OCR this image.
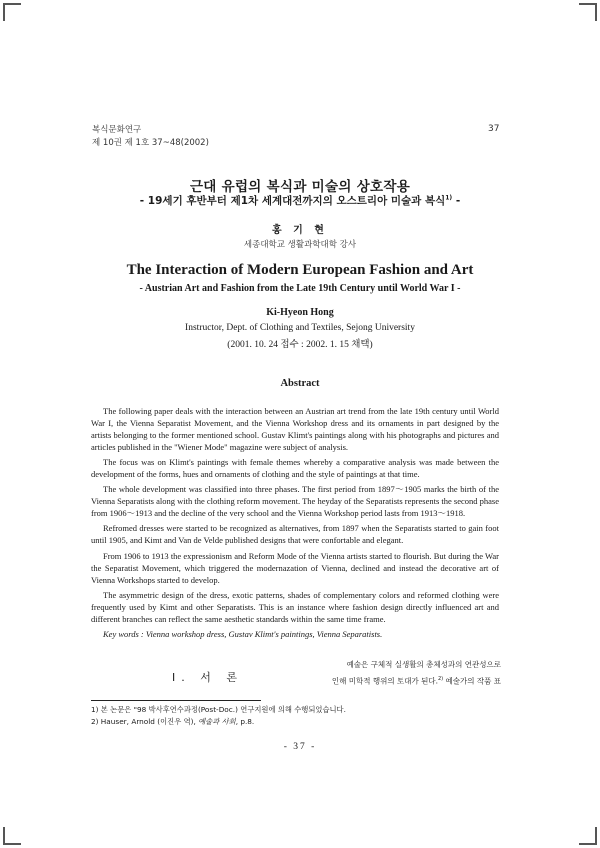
복식문화연구
제 10권 제 1호 37~48(2002)
37
근대 유럽의 복식과 미술의 상호작용
- 19세기 후반부터 제1차 세계대전까지의 오스트리아 미술과 복식$^{1)}$ -
홍 기 현
세종대학교 생활과학대학 강사
The Interaction of Modern European Fashion and Art
- Austrian Art and Fashion from the Late 19th Century until World War I -
Ki-Hyeon Hong
Instructor, Dept. of Clothing and Textiles, Sejong University
(2001. 10. 24 접수 : 2002. 1. 15 채택)
Abstract

The following paper deals with the interaction between an Austrian art trend from the late 19th century until World War I, the Vienna Separatist Movement, and the Vienna Workshop dress and its ornaments in part designed by the artists belonging to the former mentioned school. Gustav Klimt's paintings along with his photographs and pictures and articles published in the "Wiener Mode" magazine were subject of analysis.

The focus was on Klimt's paintings with female themes whereby a comparative analysis was made between the development of the forms, hues and ornaments of clothing and the style of paintings at that time.

The whole development was classified into three phases. The first period from 1897～1905 marks the birth of the Vienna Separatists along with the clothing reform movement. The heyday of the Separatists represents the second phase from 1906～1913 and the decline of the very school and the Vienna Workshop period lasts from 1913～1918.

Refromed dresses were started to be recognized as alternatives, from 1897 when the Separatists started to gain foot until 1905, and Kimt and Van de Velde published designs that were confortable and elegant.

From 1906 to 1913 the expressionism and Reform Mode of the Vienna artists started to flourish. But during the War the Separatist Movement, which triggered the modernazation of Vienna, declined and instead the decorative art of Vienna Workshops started to develop.

The asymmetric design of the dress, exotic patterns, shades of complementary colors and reformed clothing were frequently used by Kimt and other Separatists. This is an instance where fashion design directly influenced art and different branches can reflect the same aesthetic standards within the same time frame.

Key words : Vienna workshop dress, Gustav Klimt's paintings, Vienna Separatists.

Ⅰ. 서 론
예술은 구체적 실생활의 총체성과의 연관성으로
인해 미학적 행위의 토대가 된다.$^{2)}$ 예술가의 작품 표
1) 본 논문은 "98 박사후연수과정(Post-Doc.) 연구지원에 의해 수행되었습니다.
2) Hauser, Arnold (이진우 역), 예술과 사회, p.8.
- 37 -
